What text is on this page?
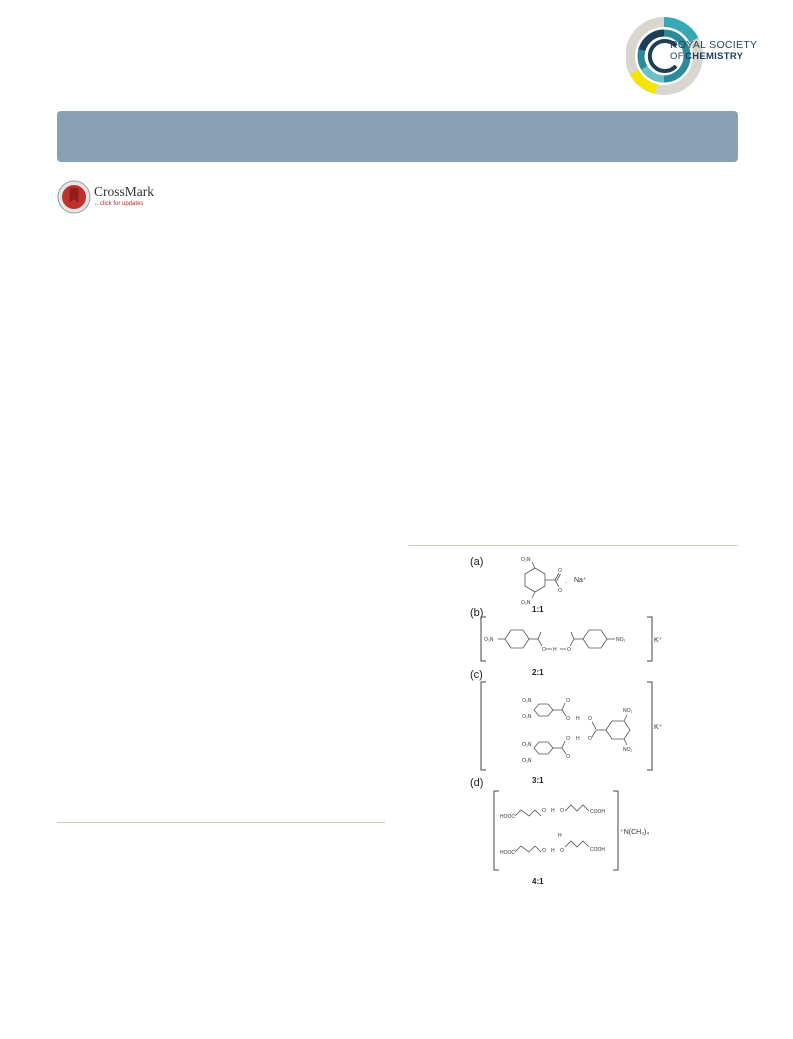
ROYAL SOCIETY
OF CHEMISTRY
CrossMark
←click for updates
(a)	O₂N
O₂N
O
O
- Na⁺
1:1
(b)
O₂N
O H O
NO₂	K⁺
2:1
(c)
O₂N
O₂N
O
O H O
O₂N
O₂N
O
O
H O
NO₂
NO₂
K⁺
3:1
(d)
HOOC
O H O	COOH
H
HOOC	O H O	COOH
⁺N(CH₃)₄
4:1
